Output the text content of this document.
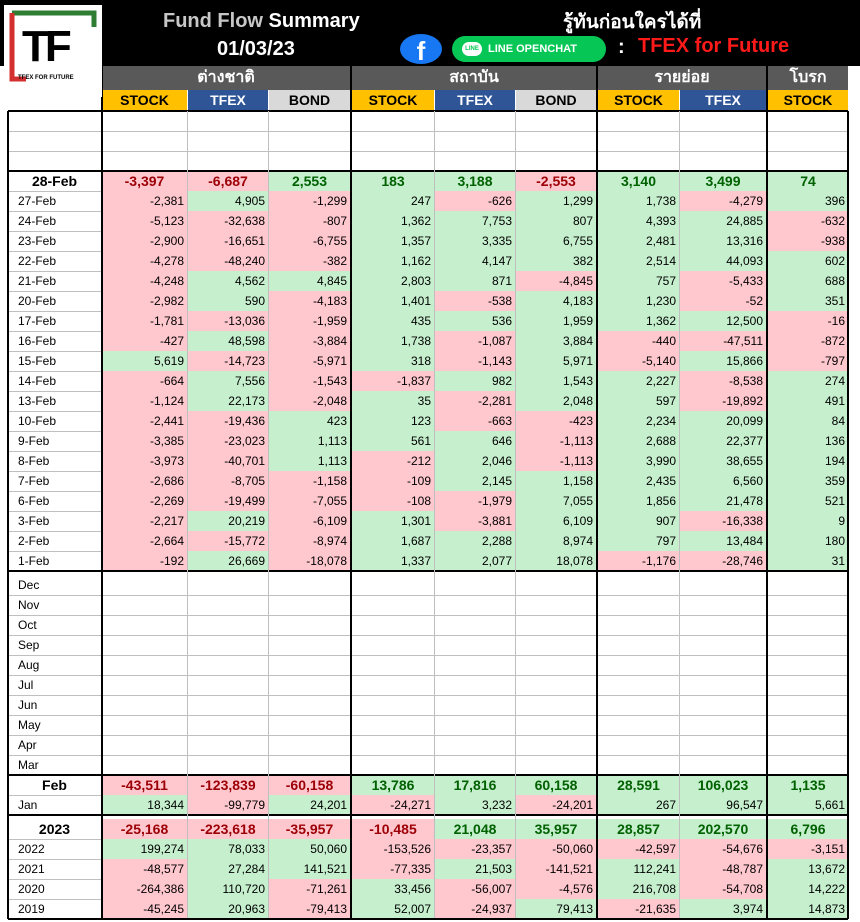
Fund Flow Summary
01/03/23
รู้ทันก่อนใครได้ที่
f	LINE LINE OPENCHAT	: TFEX for Future
TF
TFEX FOR FUTURE	ต่างชาติ	สถาบัน	รายย่อย	โบรก
STOCK	TFEX	BOND	STOCK	TFEX	BOND	STOCK	TFEX	STOCK
28-Feb	-3,397	-6,687	2,553	183	3,188	-2,553	3,140	3,499	74
27-Feb	-2,381	4,905	-1,299	247	-626	1,299	1,738	-4,279	396
24-Feb	-5,123	-32,638	-807	1,362	7,753	807	4,393	24,885	-632
23-Feb	-2,900	-16,651	-6,755	1,357	3,335	6,755	2,481	13,316	-938
22-Feb	-4,278	-48,240	-382	1,162	4,147	382	2,514	44,093	602
21-Feb	-4,248	4,562	4,845	2,803	871	-4,845	757	-5,433	688
20-Feb	-2,982	590	-4,183	1,401	-538	4,183	1,230	-52	351
17-Feb	-1,781	-13,036	-1,959	435	536	1,959	1,362	12,500	-16
16-Feb	-427	48,598	-3,884	1,738	-1,087	3,884	-440	-47,511	-872
15-Feb	5,619	-14,723	-5,971	318	-1,143	5,971	-5,140	15,866	-797
14-Feb	-664	7,556	-1,543	-1,837	982	1,543	2,227	-8,538	274
13-Feb	-1,124	22,173	-2,048	35	-2,281	2,048	597	-19,892	491
10-Feb	-2,441	-19,436	423	123	-663	-423	2,234	20,099	84
9-Feb	-3,385	-23,023	1,113	561	646	-1,113	2,688	22,377	136
8-Feb	-3,973	-40,701	1,113	-212	2,046	-1,113	3,990	38,655	194
7-Feb	-2,686	-8,705	-1,158	-109	2,145	1,158	2,435	6,560	359
6-Feb	-2,269	-19,499	-7,055	-108	-1,979	7,055	1,856	21,478	521
3-Feb	-2,217	20,219	-6,109	1,301	-3,881	6,109	907	-16,338	9
2-Feb	-2,664	-15,772	-8,974	1,687	2,288	8,974	797	13,484	180
1-Feb	-192	26,669	-18,078	1,337	2,077	18,078	-1,176	-28,746	31
Dec
Nov
Oct
Sep
Aug
Jul
Jun
May
Apr
Mar
Feb	-43,511	-123,839	-60,158	13,786	17,816	60,158	28,591	106,023	1,135
Jan	18,344	-99,779	24,201	-24,271	3,232	-24,201	267	96,547	5,661
2023	-25,168	-223,618	-35,957	-10,485	21,048	35,957	28,857	202,570	6,796
2022	199,274	78,033	50,060	-153,526	-23,357	-50,060	-42,597	-54,676	-3,151
2021	-48,577	27,284	141,521	-77,335	21,503	-141,521	112,241	-48,787	13,672
2020	-264,386	110,720	-71,261	33,456	-56,007	-4,576	216,708	-54,708	14,222
2019	-45,245	20,963	-79,413	52,007	-24,937	79,413	-21,635	3,974	14,873
